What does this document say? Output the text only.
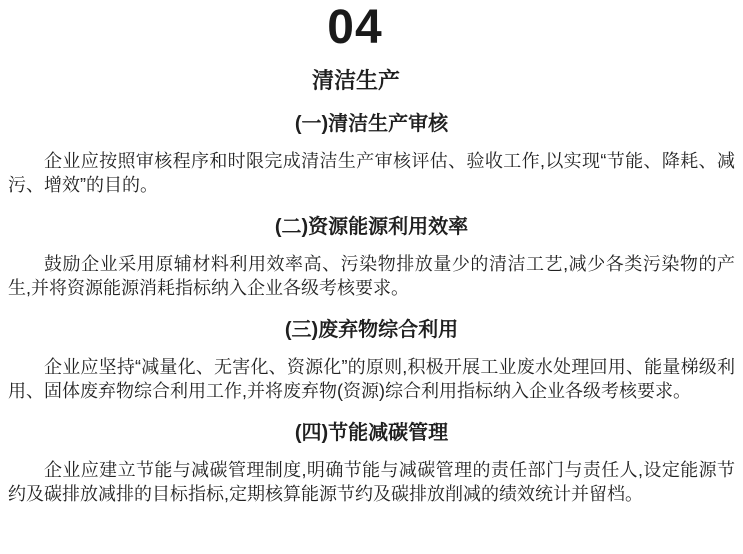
04
清洁生产
(一)清洁生产审核

企业应按照审核程序和时限完成清洁生产审核评估、验收工作,以实现“节能、降耗、减污、增效”的目的。

(二)资源能源利用效率

鼓励企业采用原辅材料利用效率高、污染物排放量少的清洁工艺,减少各类污染物的产生,并将资源能源消耗指标纳入企业各级考核要求。

(三)废弃物综合利用

企业应坚持“减量化、无害化、资源化”的原则,积极开展工业废水处理回用、能量梯级利用、固体废弃物综合利用工作,并将废弃物(资源)综合利用指标纳入企业各级考核要求。

(四)节能减碳管理

企业应建立节能与减碳管理制度,明确节能与减碳管理的责任部门与责任人,设定能源节约及碳排放减排的目标指标,定期核算能源节约及碳排放削减的绩效统计并留档。
